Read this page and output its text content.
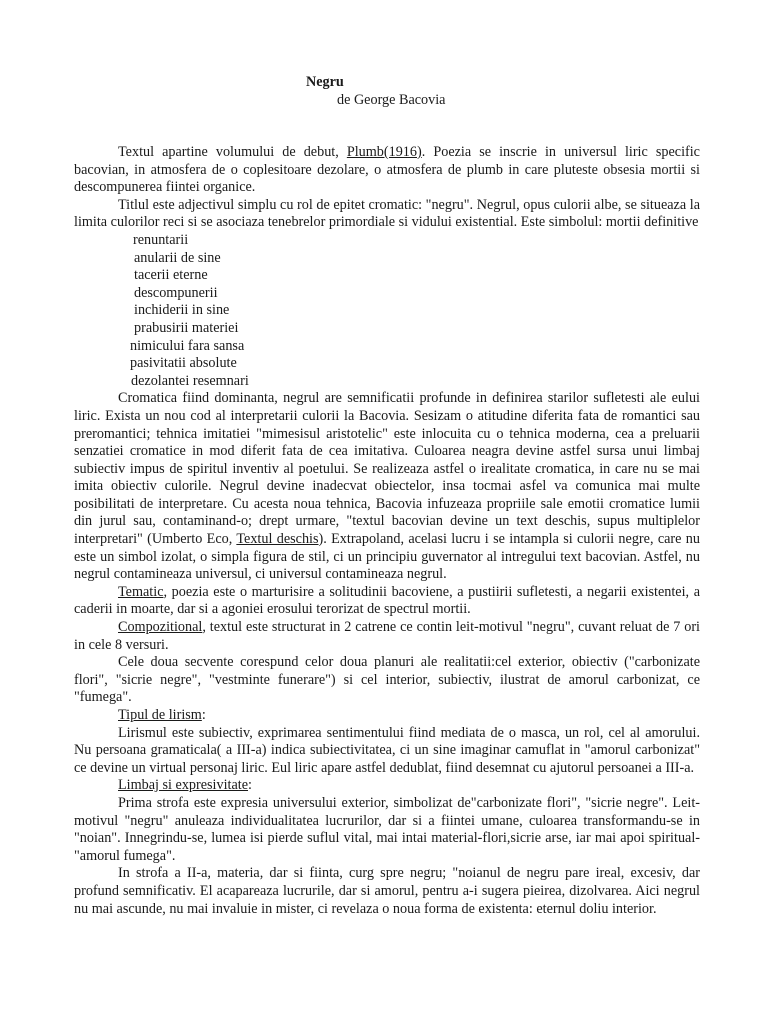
Negru

de George Bacovia

Textul apartine volumului de debut, Plumb(1916). Poezia se inscrie in universul liric specific bacovian, in atmosfera de o coplesitoare dezolare, o atmosfera de plumb in care pluteste obsesia mortii si descompunerea fiintei organice.

Titlul este adjectivul simplu cu rol de epitet cromatic: "negru". Negrul, opus culorii albe, se situeaza la limita culorilor reci si se asociaza tenebrelor primordiale si vidului existential. Este simbolul: mortii definitive

renuntarii
anularii de sine
tacerii eterne
descompunerii
inchiderii in sine
prabusirii materiei
nimicului fara sansa
pasivitatii absolute
dezolantei resemnari

Cromatica fiind dominanta, negrul are semnificatii profunde in definirea starilor sufletesti ale eului liric. Exista un nou cod al interpretarii culorii la Bacovia. Sesizam o atitudine diferita fata de romantici sau preromantici; tehnica imitatiei "mimesisul aristotelic" este inlocuita cu o tehnica moderna, cea a preluarii senzatiei cromatice in mod diferit fata de cea imitativa. Culoarea neagra devine astfel sursa unui limbaj subiectiv impus de spiritul inventiv al poetului. Se realizeaza astfel o irealitate cromatica, in care nu se mai imita obiectiv culorile. Negrul devine inadecvat obiectelor, insa tocmai asfel va comunica mai multe posibilitati de interpretare. Cu acesta noua tehnica, Bacovia infuzeaza propriile sale emotii cromatice lumii din jurul sau, contaminand-o; drept urmare, "textul bacovian devine un text deschis, supus multiplelor interpretari" (Umberto Eco, Textul deschis). Extrapoland, acelasi lucru i se intampla si culorii negre, care nu este un simbol izolat, o simpla figura de stil, ci un principiu guvernator al intregului text bacovian. Astfel, nu negrul contamineaza universul, ci universul contamineaza negrul.

Tematic, poezia este o marturisire a solitudinii bacoviene, a pustiirii sufletesti, a negarii existentei, a caderii in moarte, dar si a agoniei erosului terorizat de spectrul mortii.

Compozitional, textul este structurat in 2 catrene ce contin leit-motivul "negru", cuvant reluat de 7 ori in cele 8 versuri.

Cele doua secvente corespund celor doua planuri ale realitatii:cel exterior, obiectiv ("carbonizate flori", "sicrie negre", "vestminte funerare") si cel interior, subiectiv, ilustrat de amorul carbonizat, ce "fumega".

Tipul de lirism:

Lirismul este subiectiv, exprimarea sentimentului fiind mediata de o masca, un rol, cel al amorului. Nu persoana gramaticala( a III-a) indica subiectivitatea, ci un sine imaginar camuflat in "amorul carbonizat" ce devine un virtual personaj liric. Eul liric apare astfel dedublat, fiind desemnat cu ajutorul persoanei a III-a.

Limbaj si expresivitate:

Prima strofa este expresia universului exterior, simbolizat de"carbonizate flori", "sicrie negre". Leit-motivul "negru" anuleaza individualitatea lucrurilor, dar si a fiintei umane, culoarea transformandu-se in "noian". Innegrindu-se, lumea isi pierde suflul vital, mai intai material-flori,sicrie arse, iar mai apoi spiritual-"amorul fumega".

In strofa a II-a, materia, dar si fiinta, curg spre negru; "noianul de negru pare ireal, excesiv, dar profund semnificativ. El acapareaza lucrurile, dar si amorul, pentru a-i sugera pieirea, dizolvarea. Aici negrul nu mai ascunde, nu mai invaluie in mister, ci revelaza o noua forma de existenta: eternul doliu interior.
